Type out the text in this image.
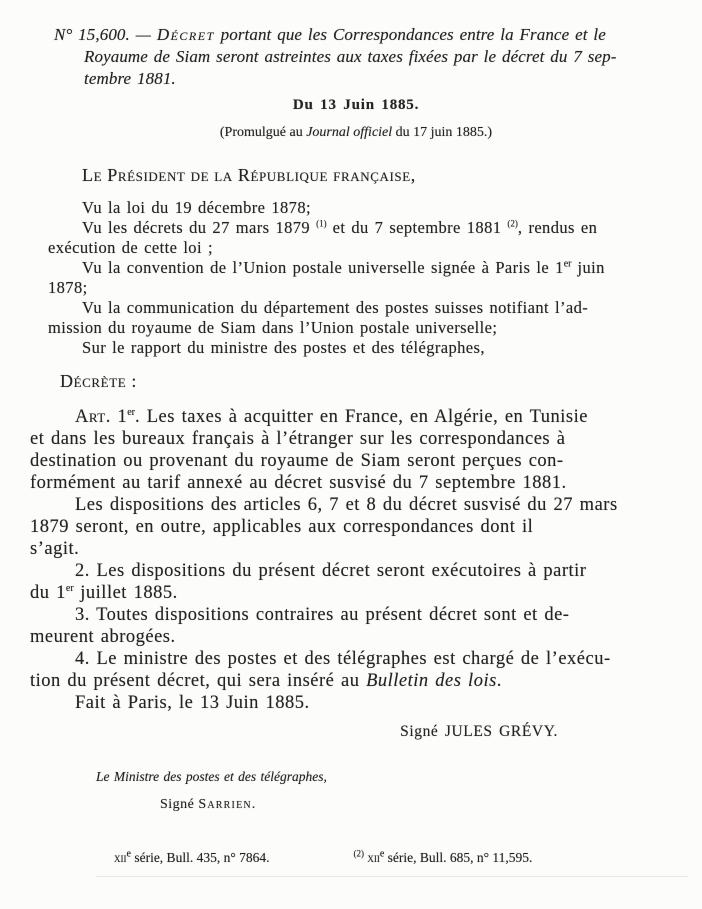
N° 15,600. — Décret portant que les Correspondances entre la France et le
Royaume de Siam seront astreintes aux taxes fixées par le décret du 7 sep-
tembre 1881.
Du 13 Juin 1885.
(Promulgué au Journal officiel du 17 juin 1885.)
Le Président de la République française,
Vu la loi du 19 décembre 1878;
Vu les décrets du 27 mars 1879 $^{(1)}$ et du 7 septembre 1881 $^{(2)}$, rendus en
exécution de cette loi ;
Vu la convention de l’Union postale universelle signée à Paris le 1er juin
1878;
Vu la communication du département des postes suisses notifiant l’ad-
mission du royaume de Siam dans l’Union postale universelle;
Sur le rapport du ministre des postes et des télégraphes,
Décrète :
Art. 1er. Les taxes à acquitter en France, en Algérie, en Tunisie
et dans les bureaux français à l’étranger sur les correspondances à
destination ou provenant du royaume de Siam seront perçues con-
formément au tarif annexé au décret susvisé du 7 septembre 1881.
Les dispositions des articles 6, 7 et 8 du décret susvisé du 27 mars
1879 seront, en outre, applicables aux correspondances dont il
s’agit.
2. Les dispositions du présent décret seront exécutoires à partir
du 1er juillet 1885.
3. Toutes dispositions contraires au présent décret sont et de-
meurent abrogées.
4. Le ministre des postes et des télégraphes est chargé de l’exécu-
tion du présent décret, qui sera inséré au Bulletin des lois.
Fait à Paris, le 13 Juin 1885.
Signé JULES GRÉVY.
Le Ministre des postes et des télégraphes,
Signé Sarrien.
xii$^e$ série, Bull. 435, n° 7864.	$^{(2)}$ xii$^e$ série, Bull. 685, n° 11,595.
